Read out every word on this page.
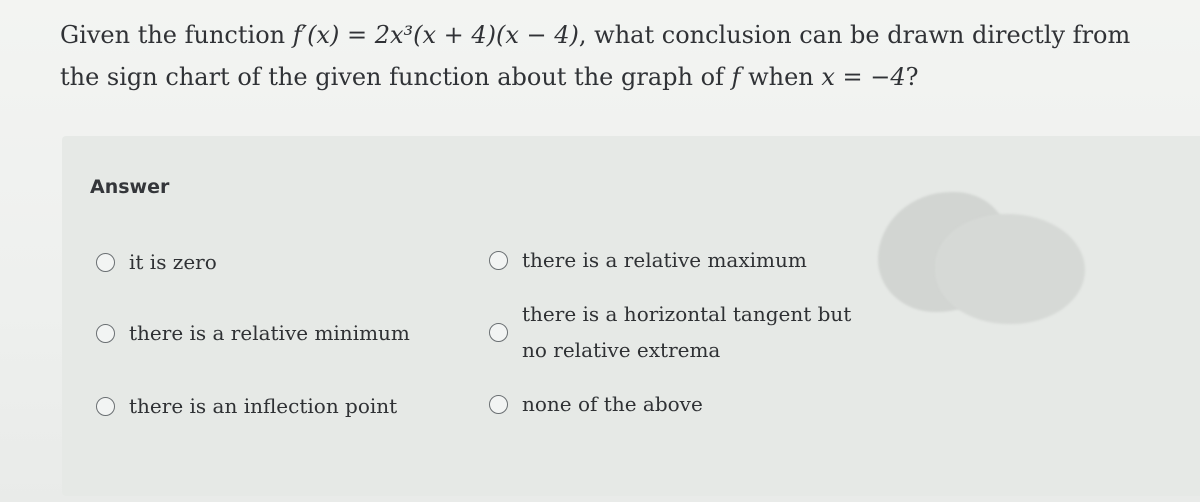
Given the function f′(x) = 2x³(x + 4)(x − 4), what conclusion can be drawn directly from the sign chart of the given function about the graph of f when x = −4?
Answer
it is zero	there is a relative maximum
there is a relative minimum
there is a horizontal tangent but no relative extrema
there is an inflection point	none of the above
